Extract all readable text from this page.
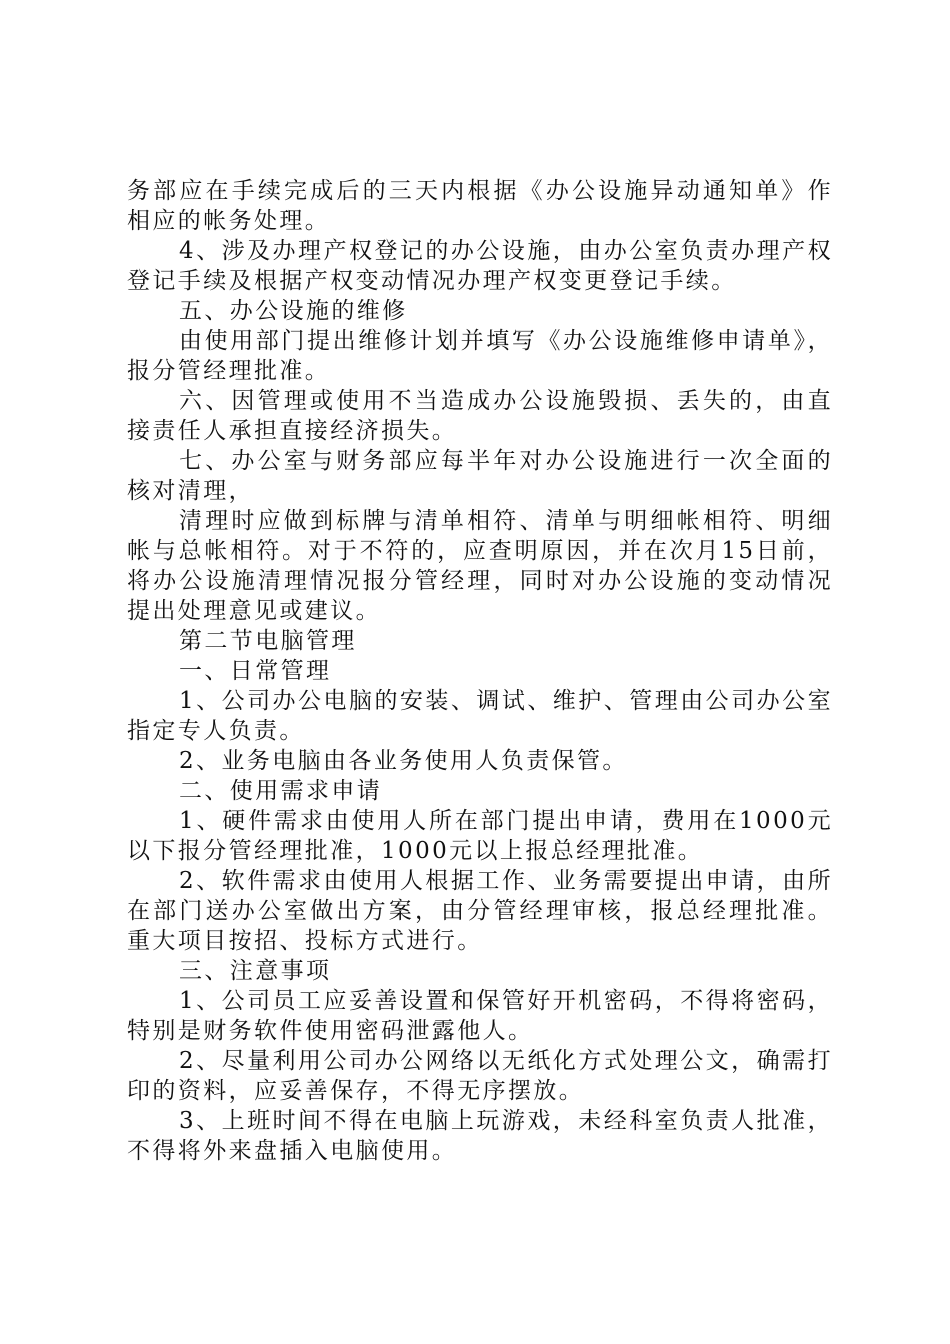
务部应在手续完成后的三天内根据《办公设施异动通知单》作相应的帐务处理。

4、涉及办理产权登记的办公设施，由办公室负责办理产权登记手续及根据产权变动情况办理产权变更登记手续。

五、办公设施的维修

由使用部门提出维修计划并填写《办公设施维修申请单》，报分管经理批准。

六、因管理或使用不当造成办公设施毁损、丢失的，由直接责任人承担直接经济损失。

七、办公室与财务部应每半年对办公设施进行一次全面的核对清理，

清理时应做到标牌与清单相符、清单与明细帐相符、明细帐与总帐相符。对于不符的，应查明原因，并在次月15日前，将办公设施清理情况报分管经理，同时对办公设施的变动情况提出处理意见或建议。

第二节电脑管理

一、日常管理

1、公司办公电脑的安装、调试、维护、管理由公司办公室指定专人负责。

2、业务电脑由各业务使用人负责保管。

二、使用需求申请

1、硬件需求由使用人所在部门提出申请，费用在1000元以下报分管经理批准，1000元以上报总经理批准。

2、软件需求由使用人根据工作、业务需要提出申请，由所在部门送办公室做出方案，由分管经理审核，报总经理批准。重大项目按招、投标方式进行。

三、注意事项

1、公司员工应妥善设置和保管好开机密码，不得将密码，特别是财务软件使用密码泄露他人。

2、尽量利用公司办公网络以无纸化方式处理公文，确需打印的资料，应妥善保存，不得无序摆放。

3、上班时间不得在电脑上玩游戏，未经科室负责人批准，不得将外来盘插入电脑使用。
